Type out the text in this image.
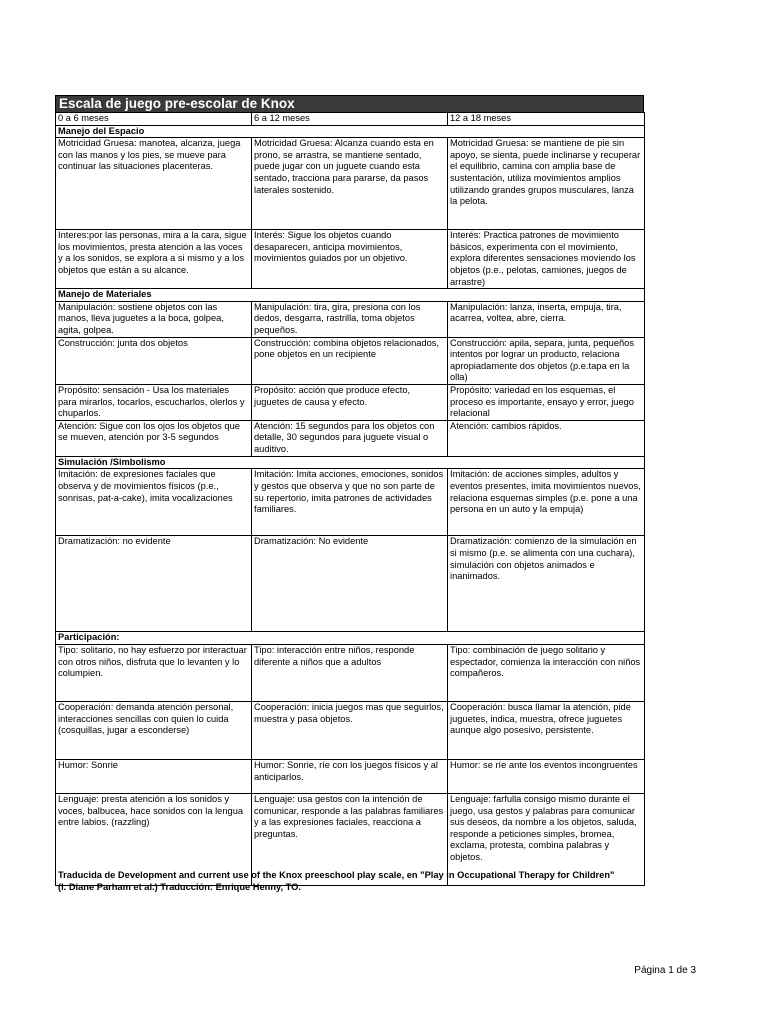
Escala de juego pre-escolar de Knox
0 a 6 meses	6 a 12 meses	12 a 18 meses
Manejo del Espacio		
Motricidad Gruesa: manotea, alcanza, juega con las manos y los pies, se mueve para continuar las situaciones placenteras.	Motricidad Gruesa: Alcanza cuando esta en prono, se arrastra, se mantiene sentado, puede jugar con un juguete cuando esta sentado, tracciona para pararse, da pasos laterales sostenido.	Motricidad Gruesa: se mantiene de pie sin apoyo, se sienta, puede inclinarse y recuperar el equilibrio, camina con amplia base de sustentación, utiliza movimientos amplios utilizando grandes grupos musculares, lanza la pelota.
Interes:por las personas, mira a la cara, sigue los movimientos, presta atención a las voces y a los sonidos, se explora a si mismo y a los objetos que están a su alcance.	Interés: Sigue los objetos cuando desaparecen, anticipa movimientos, movimientos guiados por un objetivo.	Interés: Practica patrones de movimiento básicos, experimenta con el movimiento, explora diferentes sensaciones moviendo los objetos (p.e., pelotas, camiones, juegos de arrastre)
Manejo de Materiales		
Manipulación: sostiene objetos con las manos, lleva juguetes a la boca, golpea, agita, golpea.	Manipulación: tira, gira, presiona con los dedos, desgarra, rastrilla, toma objetos pequeños.	Manipulación: lanza, inserta, empuja, tira, acarrea, voltea, abre, cierra.
Construcción: junta dos objetos	Construcción: combina objetos relacionados, pone objetos en un recipiente	Construcción: apila, separa, junta, pequeños intentos por lograr un producto, relaciona apropiadamente dos objetos (p.e.tapa en la olla)
Propósito: sensación - Usa los materiales para mirarlos, tocarlos, escucharlos, olerlos y chuparlos.	Propósito: acción que produce efecto, juguetes de causa y efecto.	Propósito: variedad en los esquemas, el proceso es importante, ensayo y error, juego relacional
Atención: Sigue con los ojos los objetos que se mueven, atención por 3-5 segundos	Atención: 15 segundos para los objetos con detalle, 30 segundos para juguete visual o auditivo.	Atención: cambios rápidos.
Simulación /Simbolismo		
Imitación: de expresiones faciales que observa y de movimientos físicos (p.e., sonrisas, pat-a-cake), imita vocalizaciones	Imitación: Imita acciones, emociones, sonidos y gestos que observa y que no son parte de su repertorio, imita patrones de actividades familiares.	Imitación: de acciones simples, adultos y eventos presentes, imita movimientos nuevos, relaciona esquemas simples (p.e. pone a una persona en un auto y la empuja)
Dramatización: no evidente	Dramatización: No evidente	Dramatización: comienzo de la simulación en si mismo (p.e. se alimenta con una cuchara), simulación con objetos animados e inanimados.
Participación:		
Tipo: solitario, no hay esfuerzo por interactuar con otros niños, disfruta que lo levanten y lo columpien.	Tipo: interacción entre niños, responde diferente a niños que a adultos	Tipo: combinación de juego solitario y espectador, comienza la interacción con niños compañeros.
Cooperación: demanda atención personal, interacciones sencillas con quien lo cuida (cosquillas, jugar a esconderse)	Cooperación: inicia juegos mas que seguirlos, muestra y pasa objetos.	Cooperación: busca llamar la atención, pide juguetes, indica, muestra, ofrece juguetes aunque algo posesivo, persistente.
Humor: Sonrie	Humor: Sonrie, ríe con los juegos físicos y al anticiparlos.	Humor: se ríe ante los eventos incongruentes
Lenguaje: presta atención a los sonidos y voces, balbucea, hace sonidos con la lengua entre labios. (razzling)	Lenguaje: usa gestos con la intención de comunicar, responde a las palabras familiares y a las expresiones faciales, reacciona a preguntas.	Lenguaje: farfulla consigo mismo durante el juego, usa gestos y palabras para comunicar sus deseos, da nombre a los objetos, saluda, responde a peticiones simples, bromea, exclama, protesta, combina palabras y objetos.
Traducida de Development and current use of the Knox preeschool play scale, en "Play in Occupational Therapy for Children" (l. Diane Parham et al.) Traducción: Enrique Henny, TO.
Página 1 de 3
